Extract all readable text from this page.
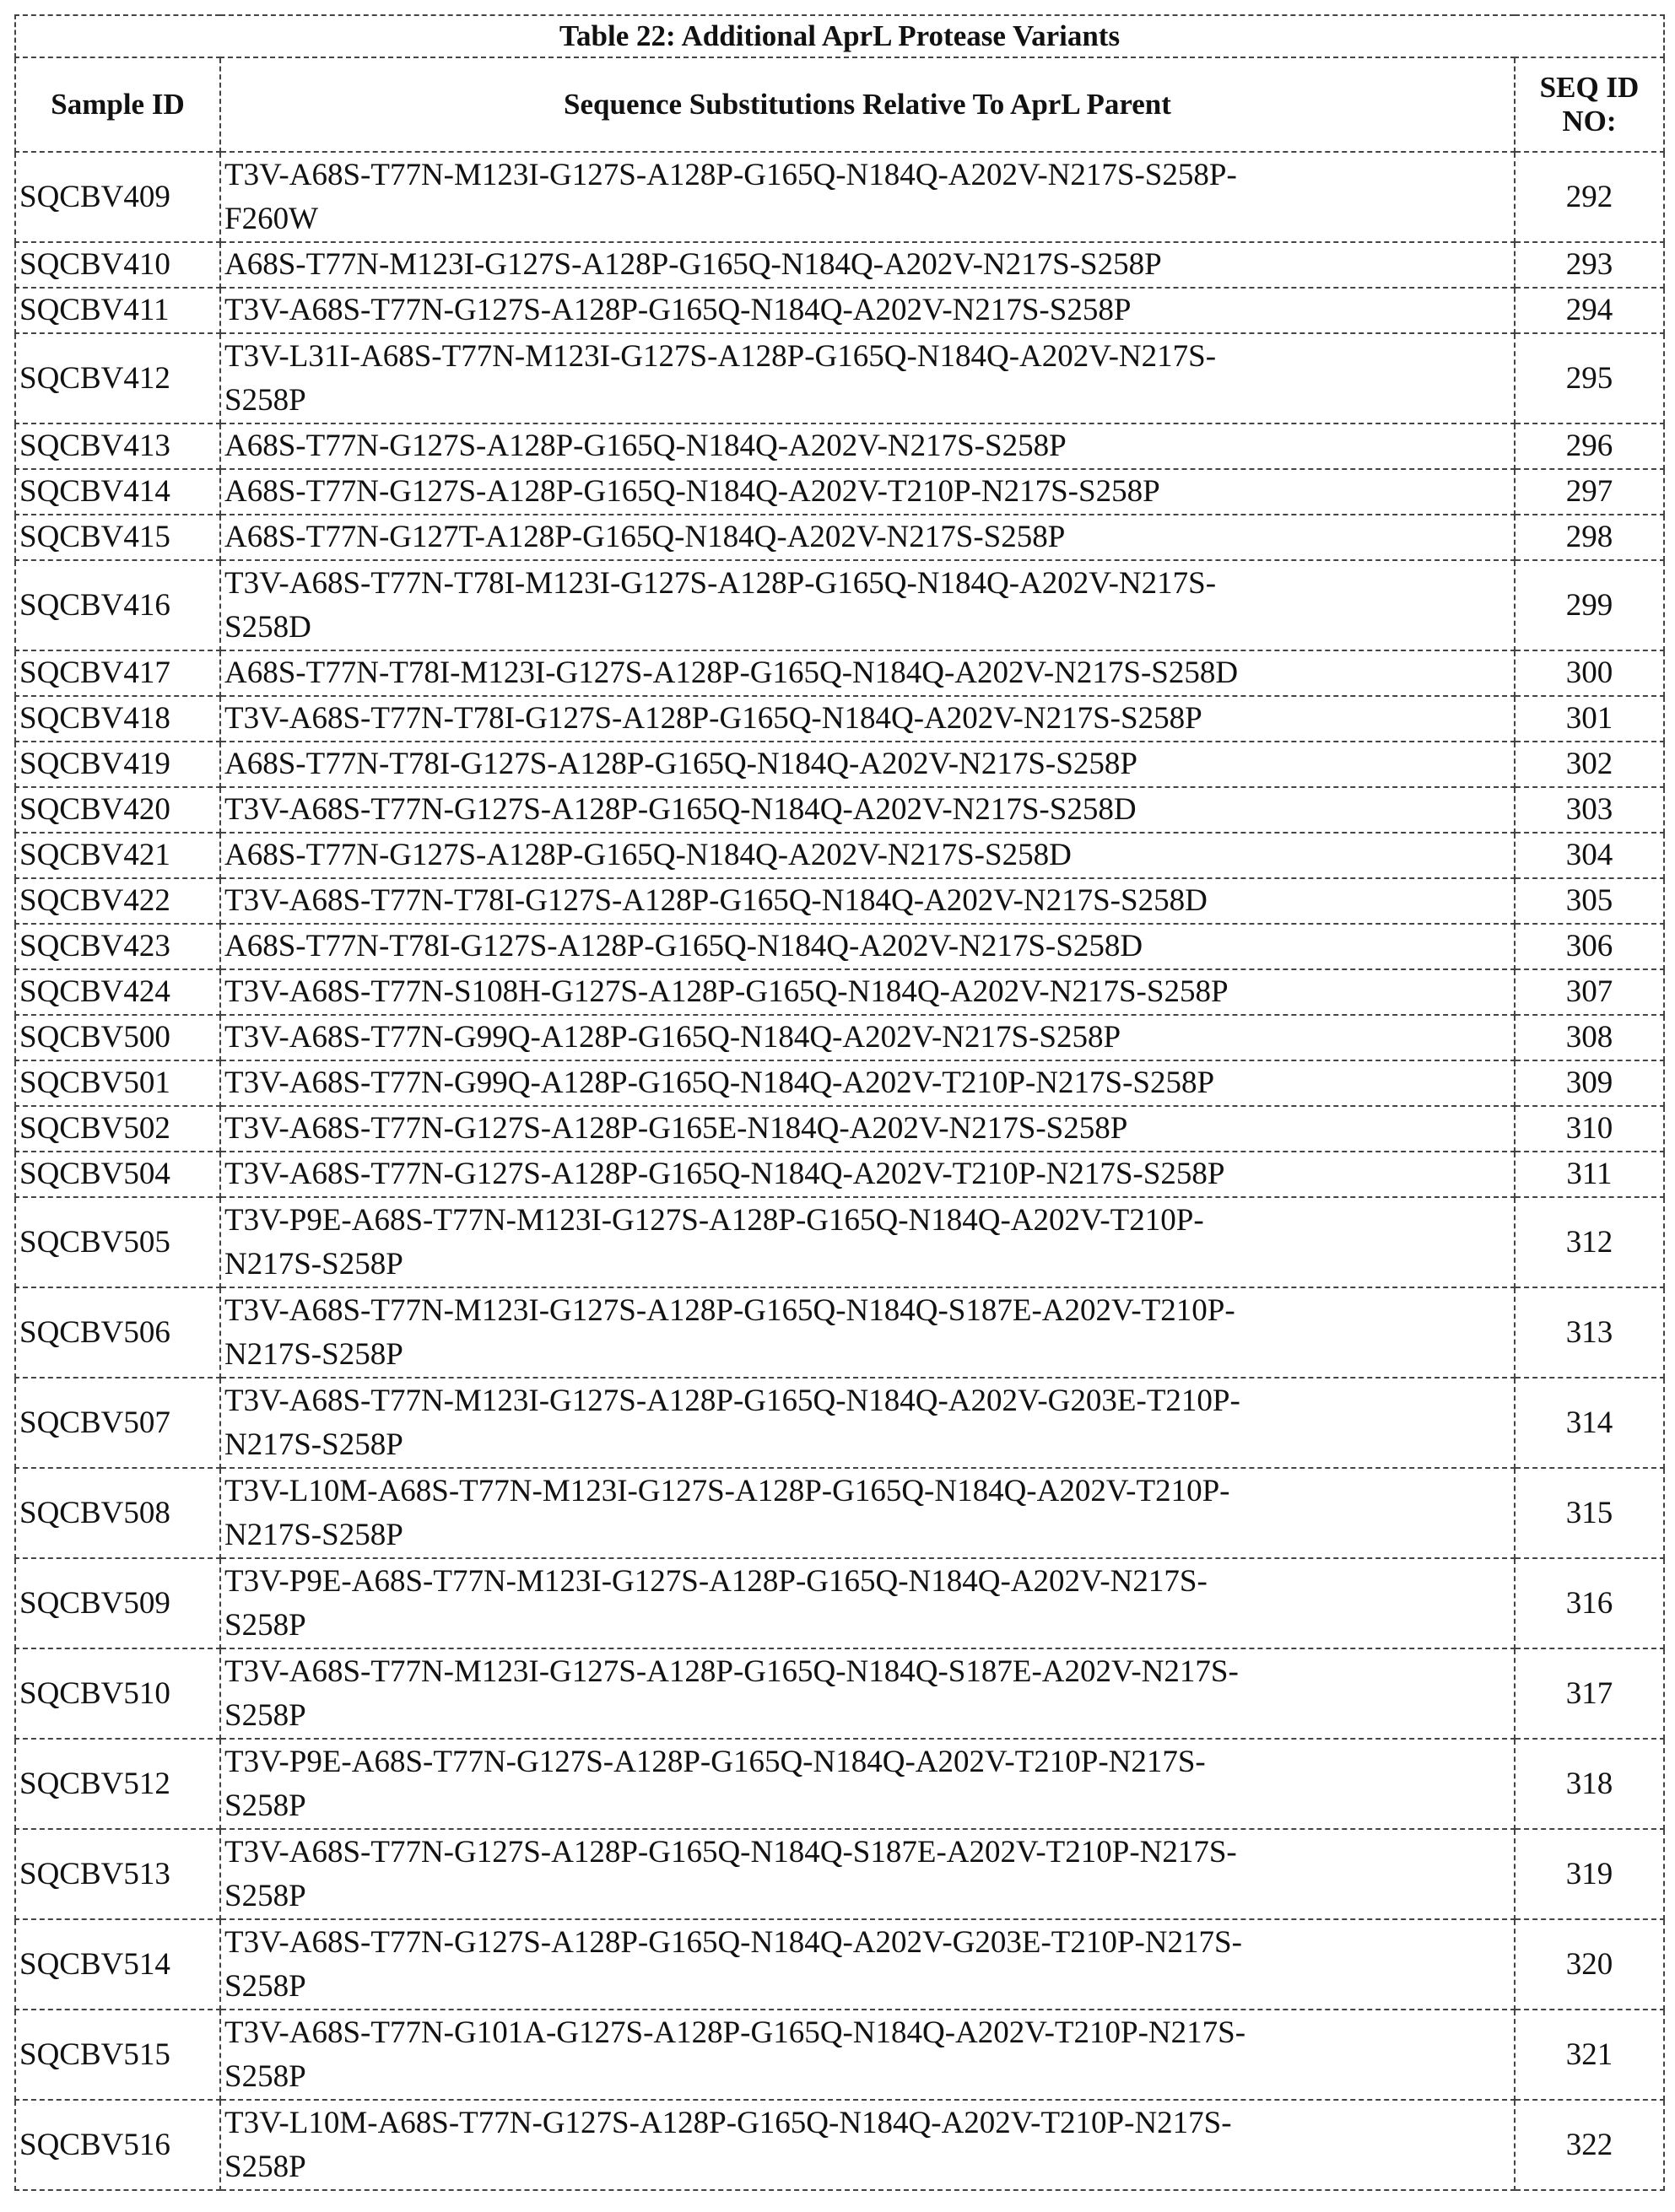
Table 22: Additional AprL Protease Variants
Sample ID	Sequence Substitutions Relative To AprL Parent	SEQ ID NO:
SQCBV409	
T3V-A68S-T77N-M123I-G127S-A128P-G165Q-N184Q-A202V-N217S-S258P-
F260W
	292
SQCBV410	A68S-T77N-M123I-G127S-A128P-G165Q-N184Q-A202V-N217S-S258P	293
SQCBV411	T3V-A68S-T77N-G127S-A128P-G165Q-N184Q-A202V-N217S-S258P	294
SQCBV412	
T3V-L31I-A68S-T77N-M123I-G127S-A128P-G165Q-N184Q-A202V-N217S-
S258P
	295
SQCBV413	A68S-T77N-G127S-A128P-G165Q-N184Q-A202V-N217S-S258P	296
SQCBV414	A68S-T77N-G127S-A128P-G165Q-N184Q-A202V-T210P-N217S-S258P	297
SQCBV415	A68S-T77N-G127T-A128P-G165Q-N184Q-A202V-N217S-S258P	298
SQCBV416	
T3V-A68S-T77N-T78I-M123I-G127S-A128P-G165Q-N184Q-A202V-N217S-
S258D
	299
SQCBV417	A68S-T77N-T78I-M123I-G127S-A128P-G165Q-N184Q-A202V-N217S-S258D	300
SQCBV418	T3V-A68S-T77N-T78I-G127S-A128P-G165Q-N184Q-A202V-N217S-S258P	301
SQCBV419	A68S-T77N-T78I-G127S-A128P-G165Q-N184Q-A202V-N217S-S258P	302
SQCBV420	T3V-A68S-T77N-G127S-A128P-G165Q-N184Q-A202V-N217S-S258D	303
SQCBV421	A68S-T77N-G127S-A128P-G165Q-N184Q-A202V-N217S-S258D	304
SQCBV422	T3V-A68S-T77N-T78I-G127S-A128P-G165Q-N184Q-A202V-N217S-S258D	305
SQCBV423	A68S-T77N-T78I-G127S-A128P-G165Q-N184Q-A202V-N217S-S258D	306
SQCBV424	T3V-A68S-T77N-S108H-G127S-A128P-G165Q-N184Q-A202V-N217S-S258P	307
SQCBV500	T3V-A68S-T77N-G99Q-A128P-G165Q-N184Q-A202V-N217S-S258P	308
SQCBV501	T3V-A68S-T77N-G99Q-A128P-G165Q-N184Q-A202V-T210P-N217S-S258P	309
SQCBV502	T3V-A68S-T77N-G127S-A128P-G165E-N184Q-A202V-N217S-S258P	310
SQCBV504	T3V-A68S-T77N-G127S-A128P-G165Q-N184Q-A202V-T210P-N217S-S258P	311
SQCBV505	
T3V-P9E-A68S-T77N-M123I-G127S-A128P-G165Q-N184Q-A202V-T210P-
N217S-S258P
	312
SQCBV506	
T3V-A68S-T77N-M123I-G127S-A128P-G165Q-N184Q-S187E-A202V-T210P-
N217S-S258P
	313
SQCBV507	
T3V-A68S-T77N-M123I-G127S-A128P-G165Q-N184Q-A202V-G203E-T210P-
N217S-S258P
	314
SQCBV508	
T3V-L10M-A68S-T77N-M123I-G127S-A128P-G165Q-N184Q-A202V-T210P-
N217S-S258P
	315
SQCBV509	
T3V-P9E-A68S-T77N-M123I-G127S-A128P-G165Q-N184Q-A202V-N217S-
S258P
	316
SQCBV510	
T3V-A68S-T77N-M123I-G127S-A128P-G165Q-N184Q-S187E-A202V-N217S-
S258P
	317
SQCBV512	
T3V-P9E-A68S-T77N-G127S-A128P-G165Q-N184Q-A202V-T210P-N217S-
S258P
	318
SQCBV513	
T3V-A68S-T77N-G127S-A128P-G165Q-N184Q-S187E-A202V-T210P-N217S-
S258P
	319
SQCBV514	
T3V-A68S-T77N-G127S-A128P-G165Q-N184Q-A202V-G203E-T210P-N217S-
S258P
	320
SQCBV515	
T3V-A68S-T77N-G101A-G127S-A128P-G165Q-N184Q-A202V-T210P-N217S-
S258P
	321
SQCBV516	
T3V-L10M-A68S-T77N-G127S-A128P-G165Q-N184Q-A202V-T210P-N217S-
S258P
	322
